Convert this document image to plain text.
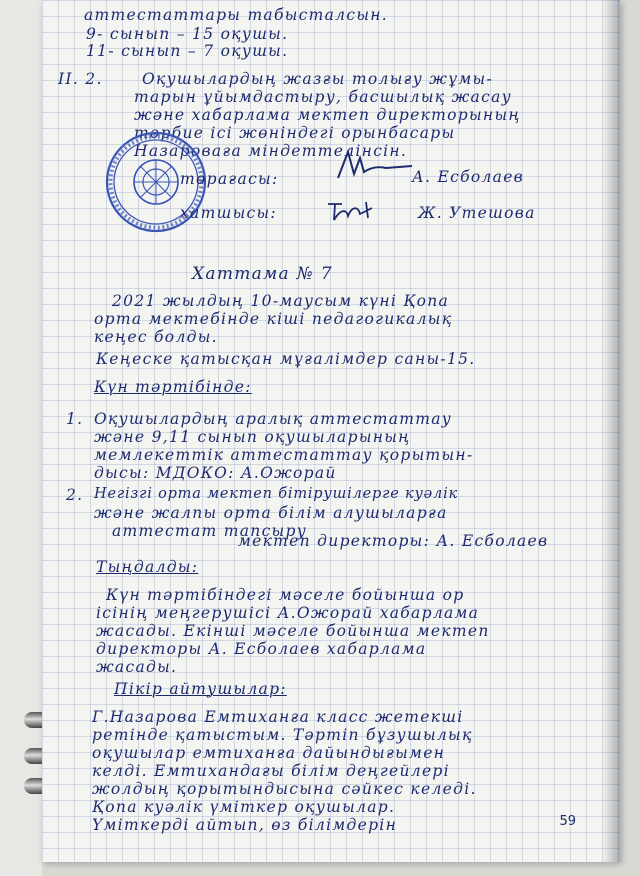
аттестаттары табысталсын.
9- сынып – 15 оқушы.
11- сынып – 7 оқушы.
II. 2.	Оқушылардың жазғы толығу жұмы-
тарын ұйымдастыру, басшылық жасау
және хабарлама мектеп директорының
тәрбие ісі жөніндегі орынбасары
Назароваға міндеттелінсін.
төрағасы:	А. Есболаев
хатшысы:	Ж. Утешова
Хаттама № 7
2021 жылдың 10-маусым күні Қопа
орта мектебінде кіші педагогикалық
кеңес болды.
Кеңеске қатысқан мұғалімдер саны-15.
Күн тәртібінде:
1. Оқушылардың аралық аттестаттау
және 9,11 сынып оқушыларының
мемлекеттік аттестаттау қорытын-
дысы: МДОКО: А.Ожорай
2. Негізгі орта мектеп бітірушілерге куәлік
және жалпы орта білім алушыларға
аттестат тапсыру
мектеп директоры: А. Есболаев
Тыңдалды:
Күн тәртібіндегі мәселе бойынша ор
ісінің меңгерушісі А.Ожорай хабарлама
жасады. Екінші мәселе бойынша мектеп
директоры А. Есболаев хабарлама
жасады.
Пікір айтушылар:
Г.Назарова Емтиханға класс жетекші
ретінде қатыстым. Тәртіп бұзушылық
оқушылар емтиханға дайындығымен
келді. Емтихандағы білім деңгейлері
жолдың қорытындысына сәйкес келеді.
Қопа куәлік үміткер оқушылар.
Үміткерді айтып, өз білімдерін	59
